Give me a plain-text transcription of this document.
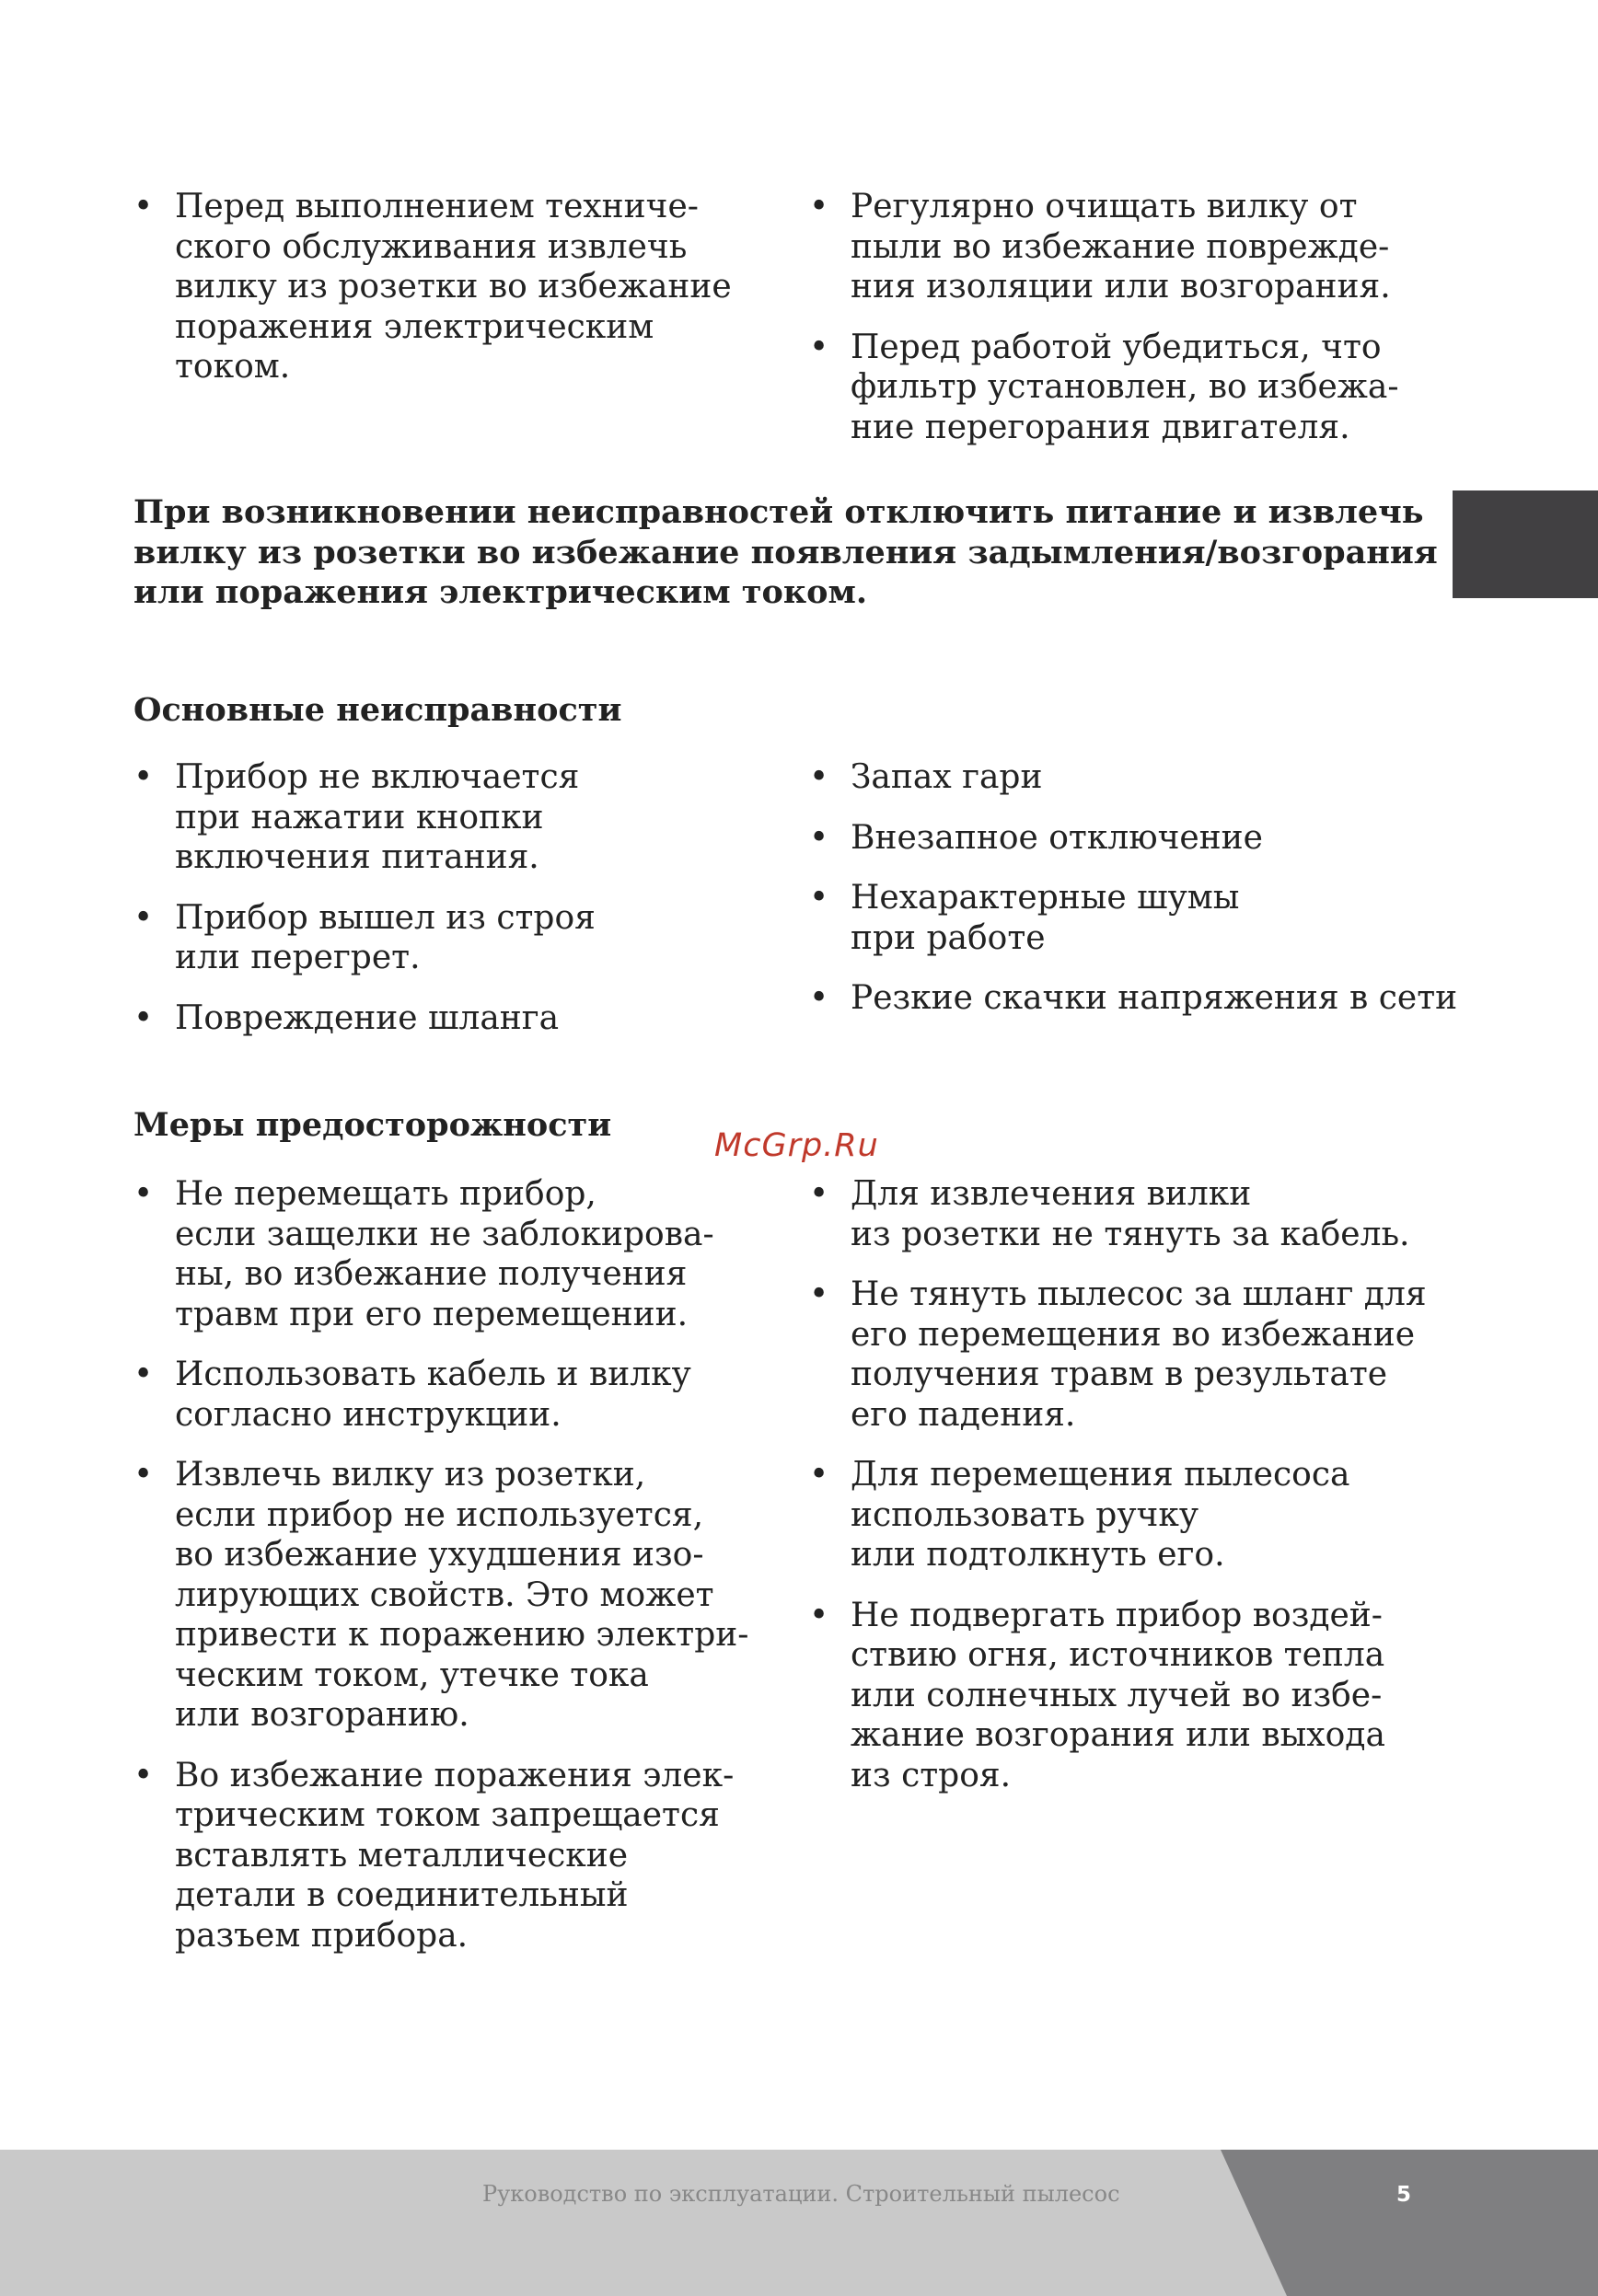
• Перед выполнением техниче-
ского обслуживания извлечь
вилку из розетки во избежание
поражения электрическим
током.
• Регулярно очищать вилку от
пыли во избежание поврежде-
ния изоляции или возгорания.
• Перед работой убедиться, что
фильтр установлен, во избежа-
ние перегорания двигателя.
При возникновении неисправностей отключить питание и извлечь
вилку из розетки во избежание появления задымления/возгорания
или поражения электрическим током.
Основные неисправности
• Прибор не включается
при нажатии кнопки
включения питания.
• Прибор вышел из строя
или перегрет.
• Повреждение шланга
• Запах гари
• Внезапное отключение
• Нехарактерные шумы
при работе
• Резкие скачки напряжения в сети
Меры предосторожности
McGrp.Ru
• Не перемещать прибор,
если защелки не заблокирова-
ны, во избежание получения
травм при его перемещении.
• Использовать кабель и вилку
согласно инструкции.
• Извлечь вилку из розетки,
если прибор не используется,
во избежание ухудшения изо-
лирующих свойств. Это может
привести к поражению электри-
ческим током, утечке тока
или возгоранию.
• Во избежание поражения элек-
трическим током запрещается
вставлять металлические
детали в соединительный
разъем прибора.
• Для извлечения вилки
из розетки не тянуть за кабель.
• Не тянуть пылесос за шланг для
его перемещения во избежание
получения травм в результате
его падения.
• Для перемещения пылесоса
использовать ручку
или подтолкнуть его.
• Не подвергать прибор воздей-
ствию огня, источников тепла
или солнечных лучей во избе-
жание возгорания или выхода
из строя.
Руководство по эксплуатации. Строительный пылесос	5
